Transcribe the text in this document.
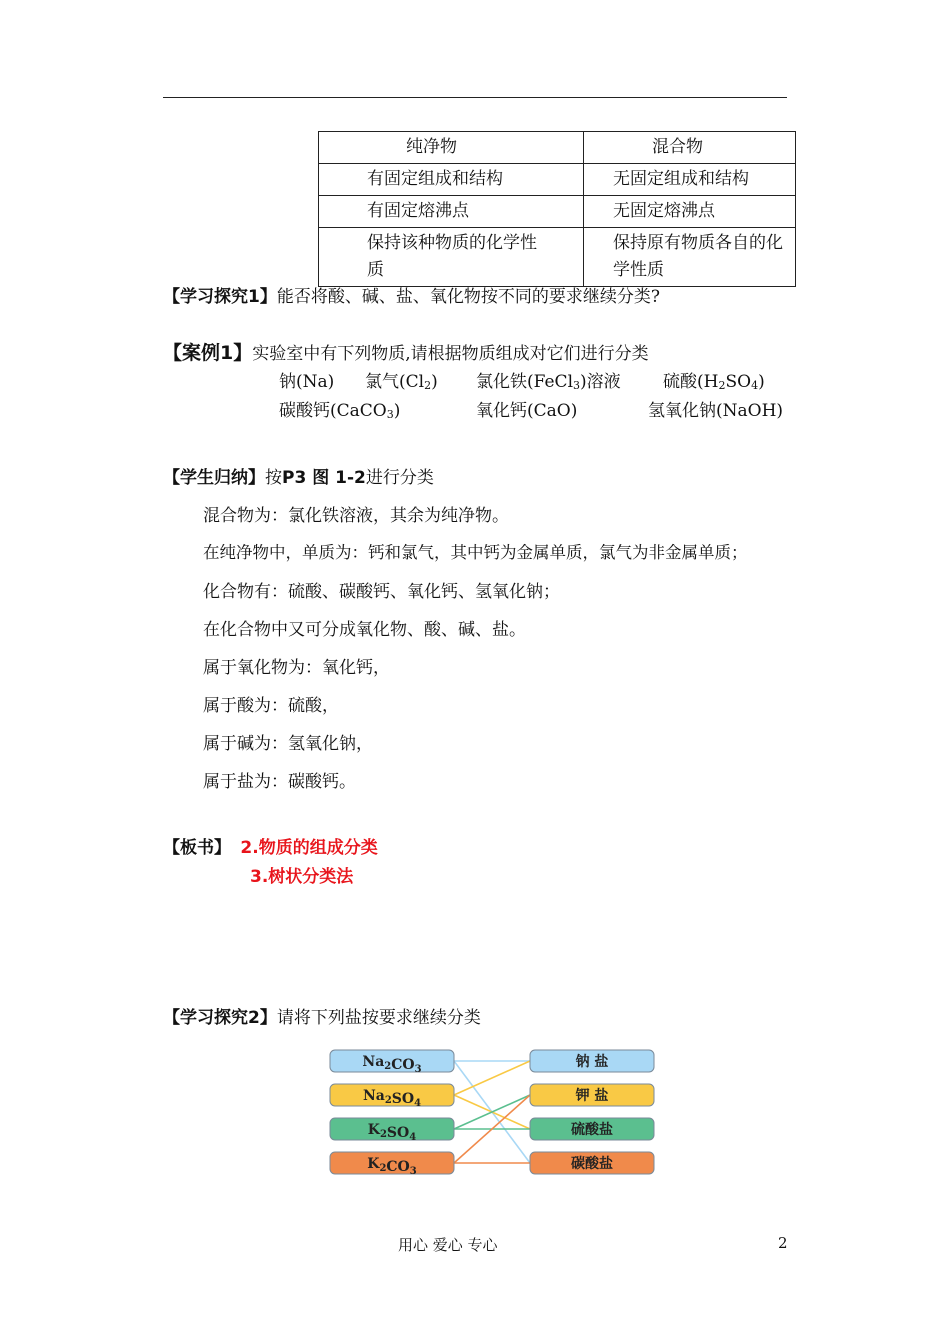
纯净物	混合物
有固定组成和结构	无固定组成和结构
有固定熔沸点	无固定熔沸点

保持该种物质的化学性质	保持原有物质各自的化学性质
【学习探究1】能否将酸、碱、盐、氧化物按不同的要求继续分类?
【案例1】实验室中有下列物质,请根据物质组成对它们进行分类
钠(Na) 氯气$(Cl_2)$ 氯化铁(FeCl$_3$)溶液 硫酸$(H_2SO_4)$
碳酸钙(CaCO$_3$)	氧化钙(CaO)	氢氧化钠(NaOH)
【学生归纳】按P3 图 1-2进行分类
混合物为：氯化铁溶液，其余为纯净物。
在纯净物中，单质为：钙和氯气，其中钙为金属单质，氯气为非金属单质；
化合物有：硫酸、碳酸钙、氧化钙、氢氧化钠；
在化合物中又可分成氧化物、酸、碱、盐。
属于氧化物为：氧化钙，
属于酸为：硫酸，
属于碱为：氢氧化钠，
属于盐为：碳酸钙。
【板书】 2.物质的组成分类
3.树状分类法
【学习探究2】请将下列盐按要求继续分类
$Na_2CO_3$
$Na_2SO_4$
$K_2SO_4$
$K_2CO_3$
钠 盐
钾 盐
硫酸盐
碳酸盐
用心 爱心 专心	2
